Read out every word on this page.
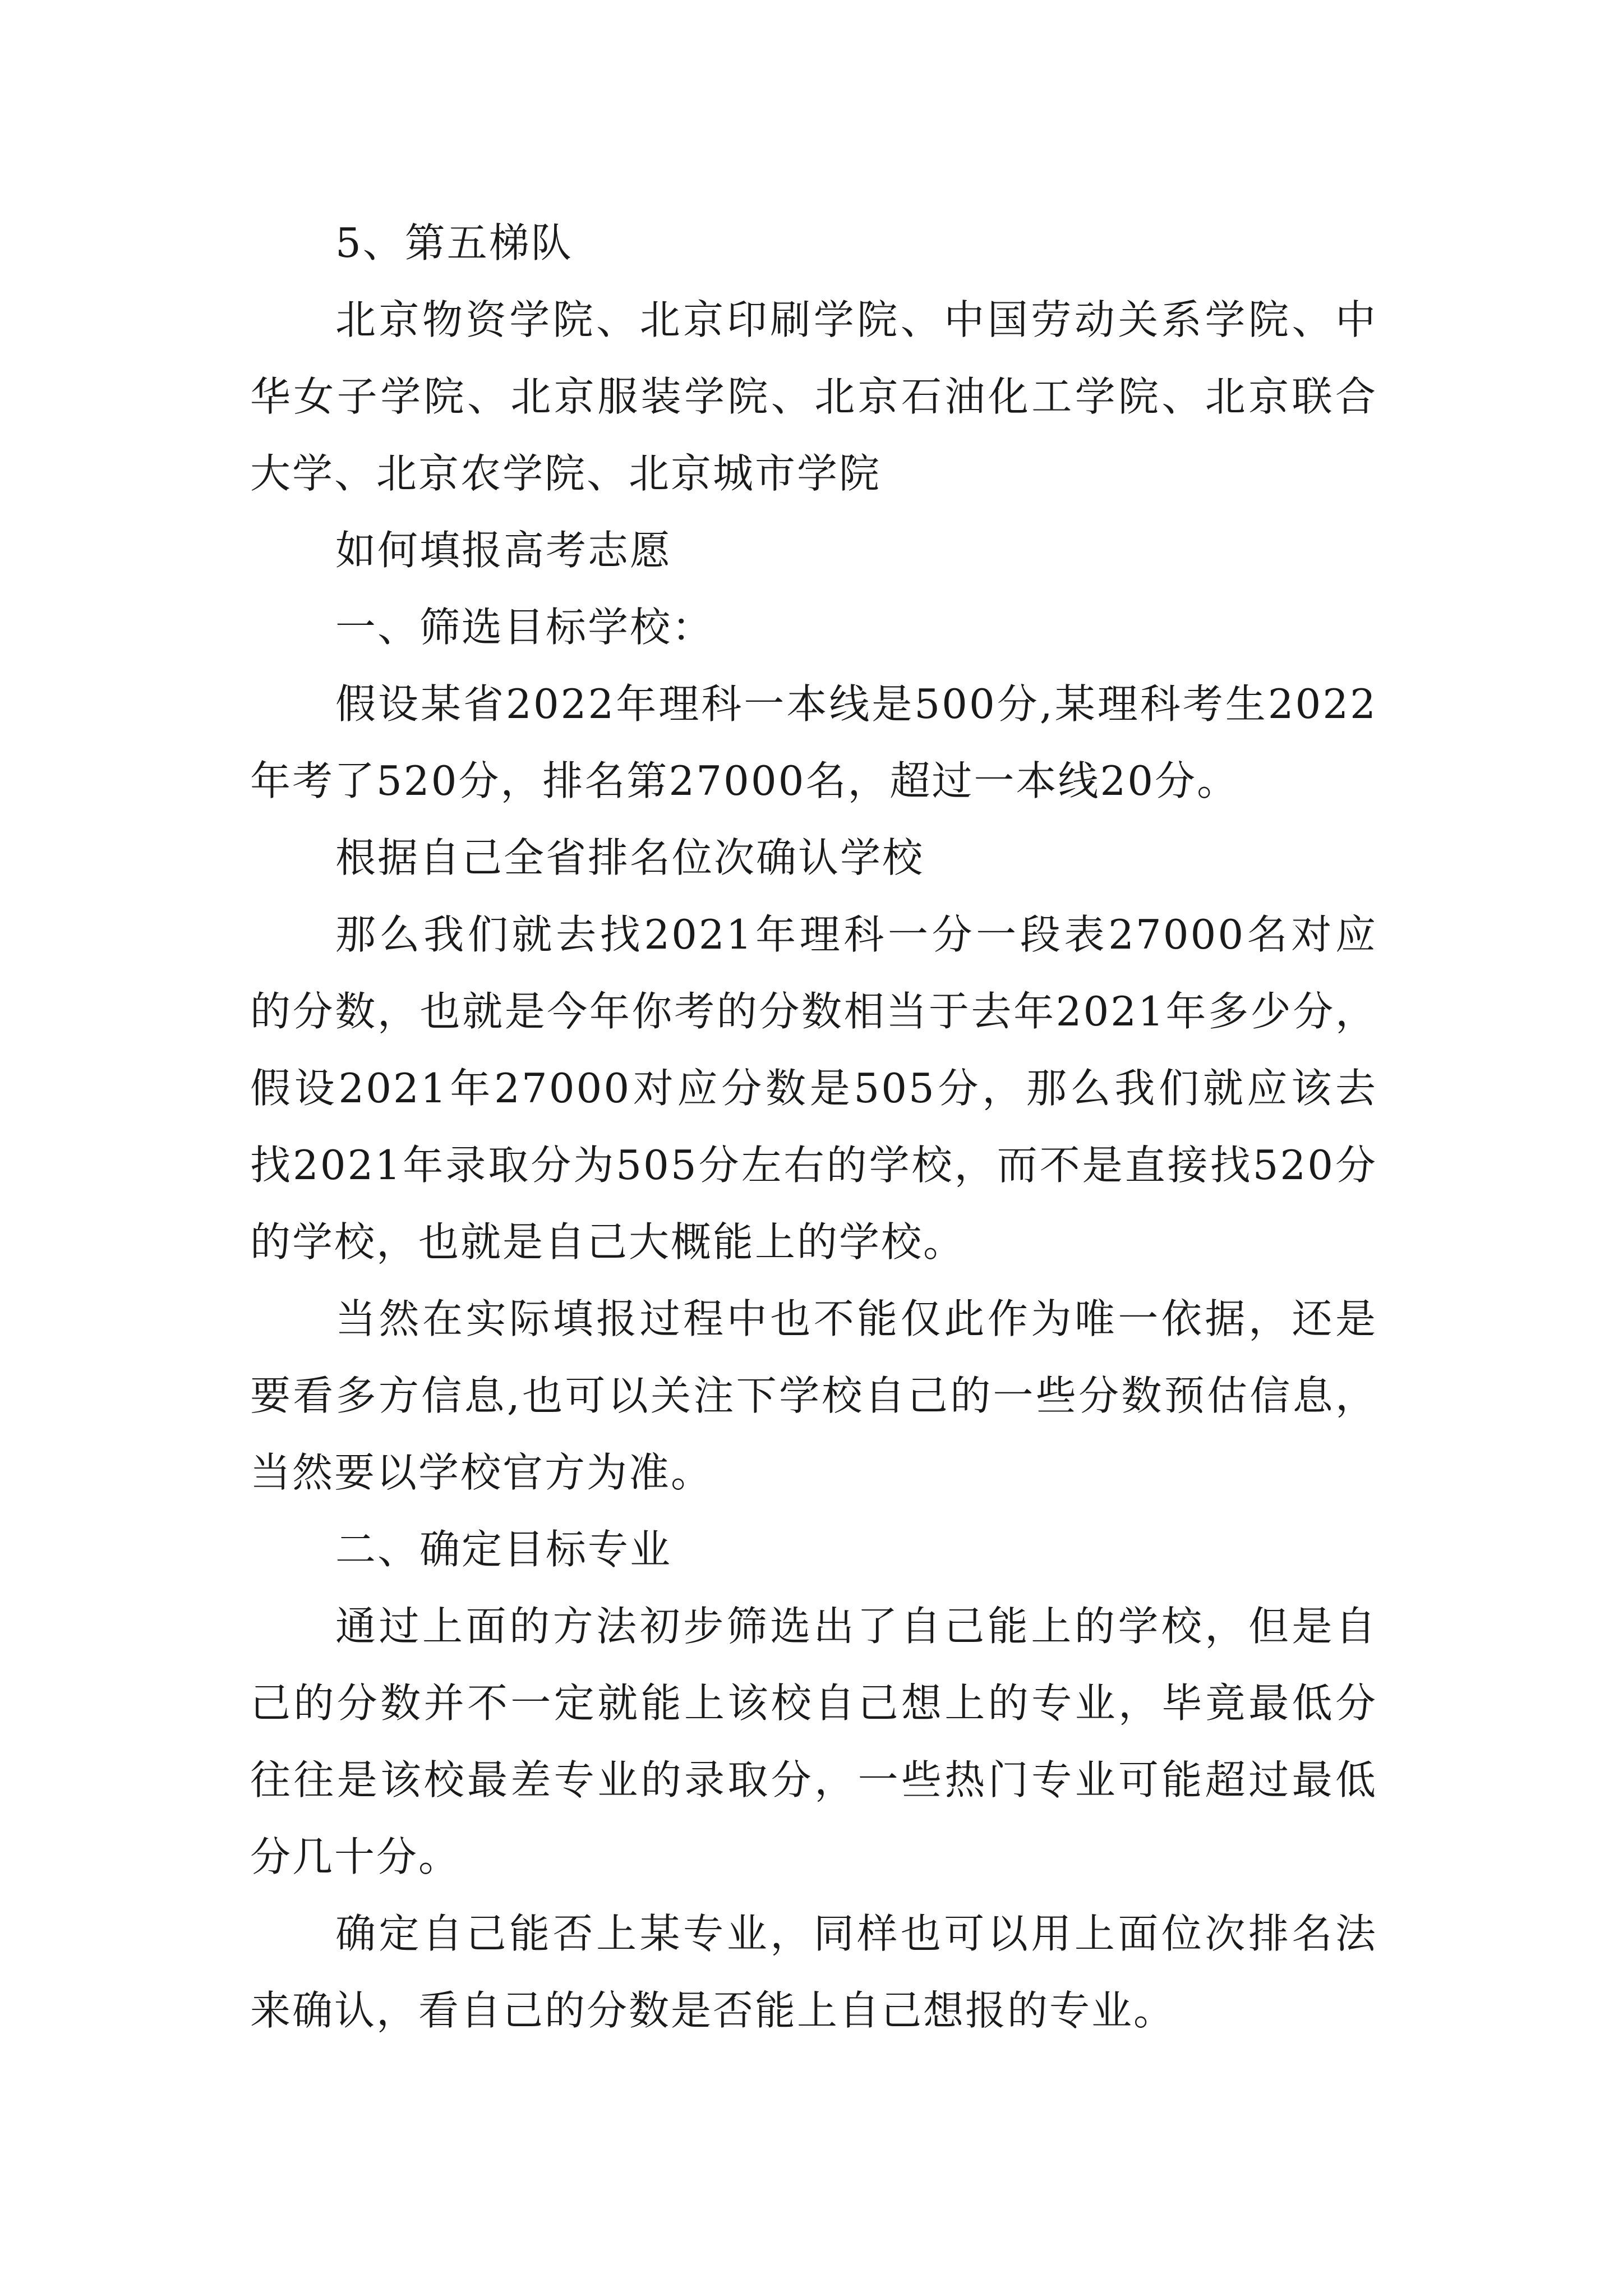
5、第五梯队

北京物资学院、北京印刷学院、中国劳动关系学院、中华女子学院、北京服装学院、北京石油化工学院、北京联合大学、北京农学院、北京城市学院

如何填报高考志愿

一、筛选目标学校：

假设某省2022年理科一本线是500分,某理科考生2022年考了520分，排名第27000名，超过一本线20分。

根据自己全省排名位次确认学校

那么我们就去找2021年理科一分一段表27000名对应的分数，也就是今年你考的分数相当于去年2021年多少分，假设2021年27000对应分数是505分，那么我们就应该去找2021年录取分为505分左右的学校，而不是直接找520分的学校，也就是自己大概能上的学校。

当然在实际填报过程中也不能仅此作为唯一依据，还是要看多方信息,也可以关注下学校自己的一些分数预估信息，当然要以学校官方为准。

二、确定目标专业

通过上面的方法初步筛选出了自己能上的学校，但是自己的分数并不一定就能上该校自己想上的专业，毕竟最低分往往是该校最差专业的录取分，一些热门专业可能超过最低分几十分。

确定自己能否上某专业，同样也可以用上面位次排名法来确认，看自己的分数是否能上自己想报的专业。
